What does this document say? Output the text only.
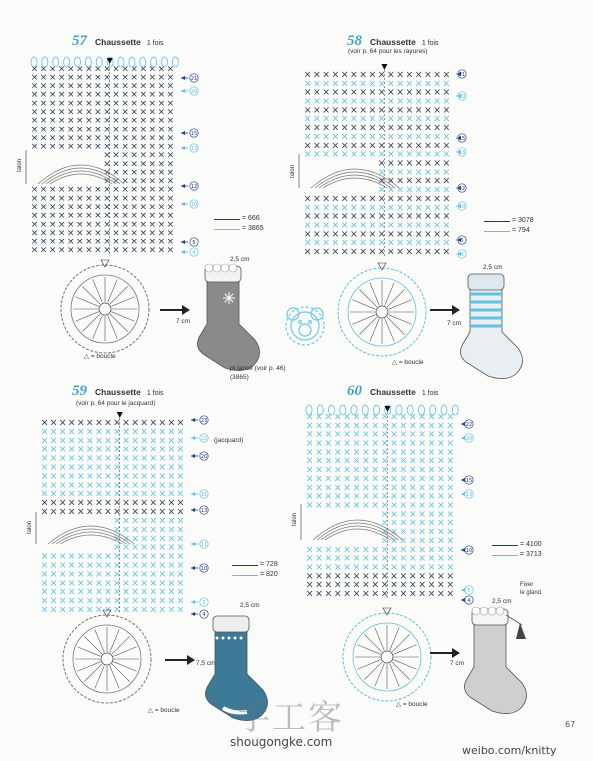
57 Chaussette 1 fois
× × × × × × × × × × × × × × × ×
× × × × × × × × × × × × × × × ×
× × × × × × × × × × × × × × × ×
× × × × × × × × × × × × × × × ×
× × × × × × × × × × × × × × × ×
× × × × × × × × × × × × × × × ×
× × × × × × × × × × × × × × × ×
× × × × × × × × × × × × × × × ×
× × × × × × × × × × × × × × × ×
× × × × × × × × × × × × × × × ×
× × × × × × × ×
× × × × × × × ×
× × × × × × × ×
× × × × × × × ×
× × × × × × × × × × × × × × × ×
× × × × × × × × × × × × × × × ×
× × × × × × × × × × × × × × × ×
× × × × × × × × × × × × × × × ×
× × × × × × × × × × × × × × × ×
× × × × × × × × × × × × × × × ×
× × × × × × × × × × × × × × × ×
× × × × × × × × × × × × × × × ×
21
20
15
13
12
10
5
4
talon
= 666
= 3865
△ = boucle
2,5 cm
7 cm
pt lancé (voir p. 46)
(3865)
58 Chaussette 1 fois
(voir p. 64 pour les rayures)
× × × × × × × × × × × × × × × ×
× × × × × × × × × × × × × × × ×
× × × × × × × × × × × × × × × ×
× × × × × × × × × × × × × × × ×
× × × × × × × × × × × × × × × ×
× × × × × × × × × × × × × × × ×
× × × × × × × × × × × × × × × ×
× × × × × × × × × × × × × × × ×
× × × × × × × × × × × × × × × ×
× × × × × × × × × × × × × × × ×
× × × × × × × ×
× × × × × × × ×
× × × × × × × ×
× × × × × × × ×
× × × × × × × × × × × × × × × ×
× × × × × × × × × × × × × × × ×
× × × × × × × × × × × × × × × ×
× × × × × × × × × × × × × × × ×
× × × × × × × × × × × × × × × ×
× × × × × × × × × × × × × × × ×
× × × × × × × × × × × × × × × ×
21
20
15
13
12
10
5
4
talon
= 3078
= 794
△ = boucle
2,5 cm
7 cm
59 Chaussette 1 fois
(voir p. 64 pour le jacquard)
× × × × × × × × × × × × × × × ×
× × × × × × × × × × × × × × × ×
× × × × × × × × × × × × × × × ×
× × × × × × × × × × × × × × × ×
× × × × × × × × × × × × × × × ×
× × × × × × × × × × × × × × × ×
× × × × × × × × × × × × × × × ×
× × × × × × × × × × × × × × × ×
× × × × × × × × × × × × × × × ×
× × × × × × × × × × × × × × × ×
× × × × × × × × × × × × × × × ×
× × × × × × × ×
× × × × × × × ×
× × × × × × × ×
× × × × × × × ×
× × × × × × × × × × × × × × × ×
× × × × × × × × × × × × × × × ×
× × × × × × × × × × × × × × × ×
× × × × × × × × × × × × × × × ×
× × × × × × × × × × × × × × × ×
× × × × × × × × × × × × × × × ×
× × × × × × × × × × × × × × × ×
23
22
20
15
13
11
10
5
4
(jacquard)
talon
= 728
= 820
△ = boucle
2,5 cm
7,5 cm
60 Chaussette 1 fois
× × × × × × × × × × × × × × × ×
× × × × × × × × × × × × × × × ×
× × × × × × × × × × × × × × × ×
× × × × × × × × × × × × × × × ×
× × × × × × × × × × × × × × × ×
× × × × × × × × × × × × × × × ×
× × × × × × × × × × × × × × × ×
× × × × × × × × × × × × × × × ×
× × × × × × × × × × × × × × × ×
× × × × × × × × × × × × × × × ×
× × × × × × × × × × × × × × × ×
× × × × × × × ×
× × × × × × × ×
× × × × × × × ×
× × × × × × × ×
× × × × × × × × × × × × × × × ×
× × × × × × × × × × × × × × × ×
× × × × × × × × × × × × × × × ×
× × × × × × × × × × × × × × × ×
× × × × × × × × × × × × × × × ×
× × × × × × × × × × × × × × × ×
22
20
15
13
10
5
4
talon
= 4100
= 3713
△ = boucle
2,5 cm
7 cm
Fixer
le gland.
手工客
shougongke.com
weibo.com/knitty
67
